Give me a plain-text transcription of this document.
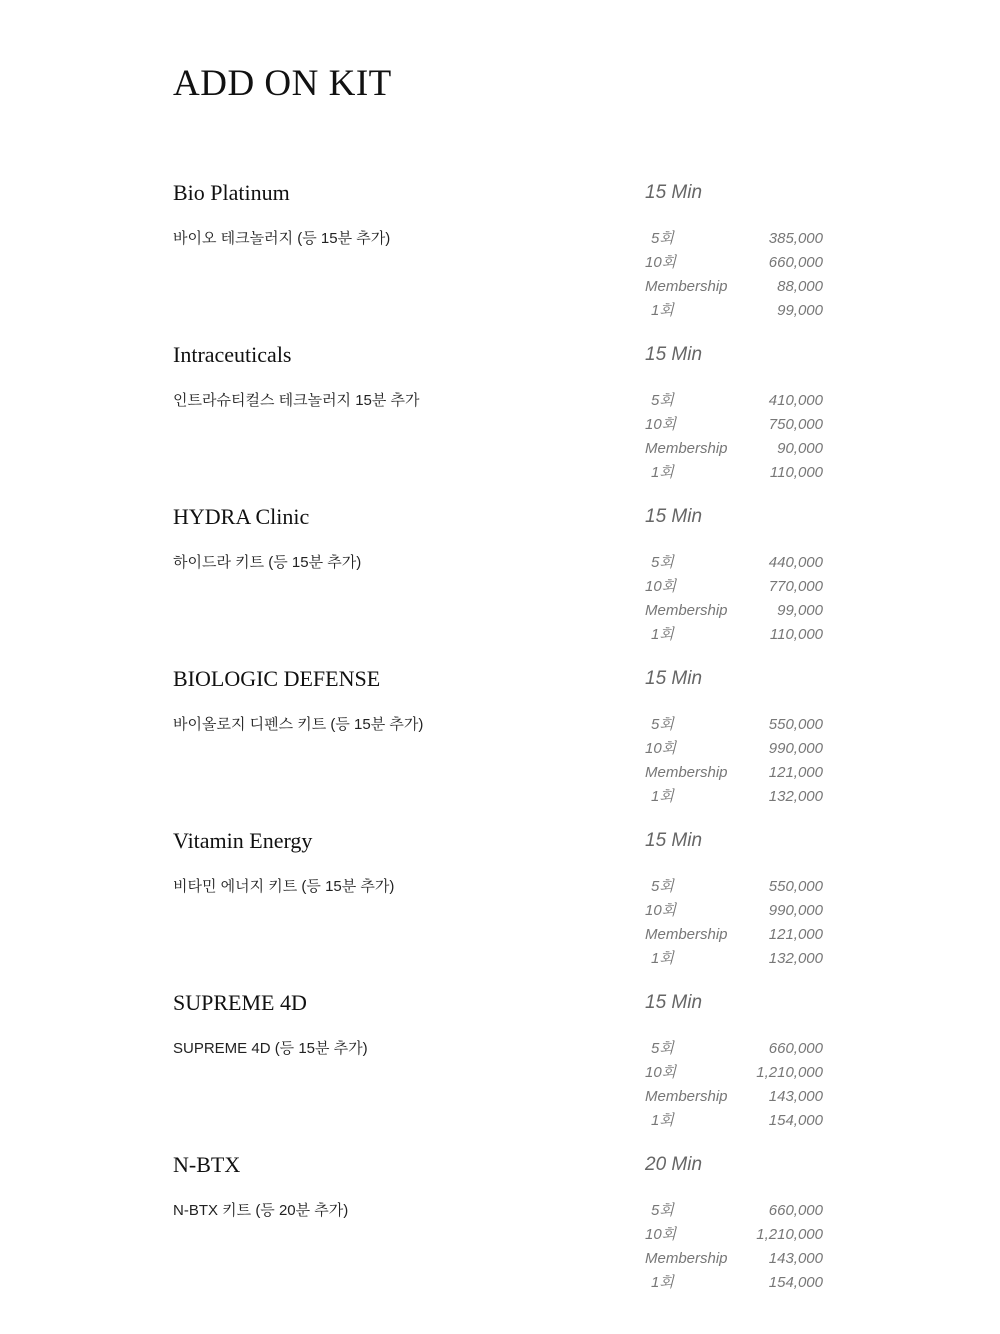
ADD ON KIT
Bio Platinum	15 Min
바이오 테크놀러지 (등 15분 추가)	5회	385,000
10회	660,000
Membership	88,000
1회	99,000
Intraceuticals	15 Min
인트라슈티컬스 테크놀러지 15분 추가	5회	410,000
10회	750,000
Membership	90,000
1회	110,000
HYDRA Clinic	15 Min
하이드라 키트 (등 15분 추가)	5회	440,000
10회	770,000
Membership	99,000
1회	110,000
BIOLOGIC DEFENSE	15 Min
바이올로지 디펜스 키트 (등 15분 추가)	5회	550,000
10회	990,000
Membership	121,000
1회	132,000
Vitamin Energy	15 Min
비타민 에너지 키트 (등 15분 추가)	5회	550,000
10회	990,000
Membership	121,000
1회	132,000
SUPREME 4D	15 Min
SUPREME 4D (등 15분 추가)	5회	660,000
10회	1,210,000
Membership	143,000
1회	154,000
N-BTX	20 Min
N-BTX 키트 (등 20분 추가)	5회	660,000
10회	1,210,000
Membership	143,000
1회	154,000
